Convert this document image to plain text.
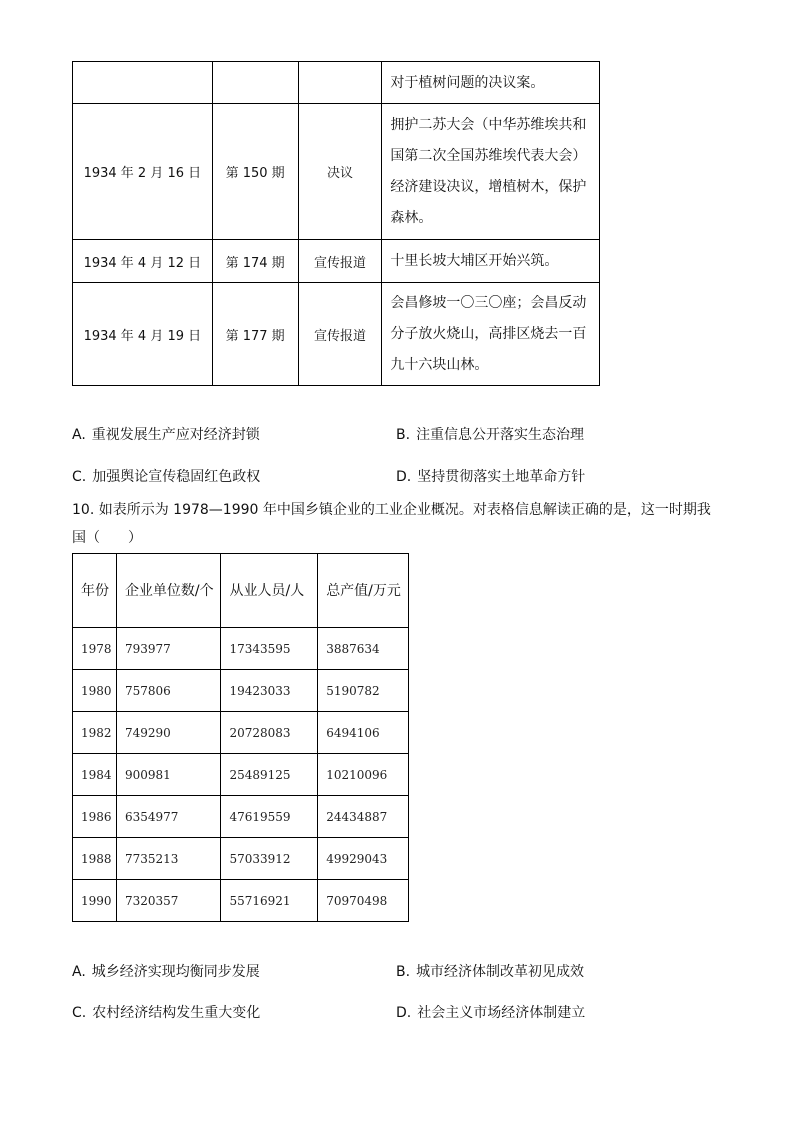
			对于植树问题的决议案。
1934 年 2 月 16 日	第 150 期	决议	拥护二苏大会（中华苏维埃共和国第二次全国苏维埃代表大会）经济建设决议，增植树木，保护森林。
1934 年 4 月 12 日	第 174 期	宣传报道	十里长坡大埔区开始兴筑。
1934 年 4 月 19 日	第 177 期	宣传报道	会昌修坡一〇三〇座；会昌反动分子放火烧山，高排区烧去一百九十六块山林。
A. 重视发展生产应对经济封锁	B. 注重信息公开落实生态治理
C. 加强舆论宣传稳固红色政权	D. 坚持贯彻落实土地革命方针
10. 如表所示为 1978—1990 年中国乡镇企业的工业企业概况。对表格信息解读正确的是，这一时期我国（　　）
年份	企业单位数/个	从业人员/人	总产值/万元
1978	793977	17343595	3887634
1980	757806	19423033	5190782
1982	749290	20728083	6494106
1984	900981	25489125	10210096
1986	6354977	47619559	24434887
1988	7735213	57033912	49929043
1990	7320357	55716921	70970498
A. 城乡经济实现均衡同步发展	B. 城市经济体制改革初见成效
C. 农村经济结构发生重大变化	D. 社会主义市场经济体制建立
